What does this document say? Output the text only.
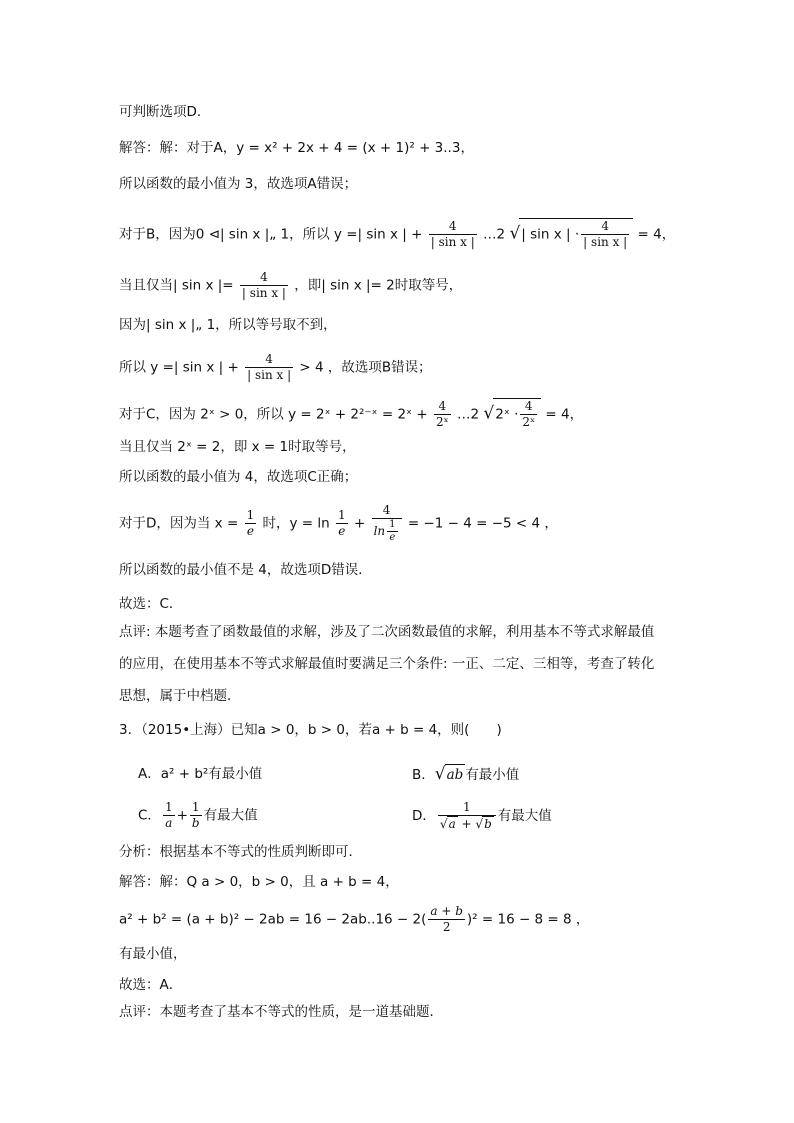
可判断选项D．
解答：解：对于A，y = x² + 2x + 4 = (x + 1)² + 3..3，
所以函数的最小值为 3，故选项A错误；
对于B，因为0 ⊲| sin x |„ 1，所以 y =| sin x | + $\frac{4}{\text{| sin x |}}$ …2 √| sin x | · $\frac{4}{\text{| sin x |}} = 4$，
当且仅当| sin x |= $\frac{4}{\text{| sin x |}}$ ，即| sin x |= 2时取等号，
因为| sin x |„ 1，所以等号取不到，
所以 y =| sin x | + $\frac{4}{\text{| sin x |}} > 4$ ，故选项B错误；
对于C，因为 2ˣ > 0，所以 y = 2ˣ + 2²⁻ˣ = 2ˣ + $\frac{4}{\text{2ˣ}}$ …2 √2ˣ · $\frac{4}{\text{2ˣ}} = 4$，
当且仅当 2ˣ = 2，即 x = 1时取等号，
所以函数的最小值为 4，故选项C正确；
对于D，因为当 $x = \frac{1}{e}$ 时，$y = \ln \frac{1}{e} + \frac{4}{\ln \frac{1}{e}} = -1 - 4 = -5 < 4$ ，
所以函数的最小值不是 4，故选项D错误．
故选：C．
点评: 本题考查了函数最值的求解，涉及了二次函数最值的求解，利用基本不等式求解最值
的应用，在使用基本不等式求解最值时要满足三个条件: 一正、二定、三相等，考查了转化
思想，属于中档题．
3．（2015•上海）已知a > 0，b > 0，若a + b = 4，则(　　)
A．a² + b²有最小值	B．√ab 有最小值
C． $\frac{1}{a} + \frac{1}{b}$ 有最大值	D． $\frac{1}{√a + √b}$ 有最大值
分析：根据基本不等式的性质判断即可．
解答：解：Q a > 0，b > 0，且 a + b = 4，
$a^2 + b^2 = (a + b)^2 - 2ab = 16 - 2ab..16 - 2( \frac{a + b}{2} )^2 = 16 - 8 = 8$ ，
有最小值，
故选：A．
点评：本题考查了基本不等式的性质，是一道基础题．
